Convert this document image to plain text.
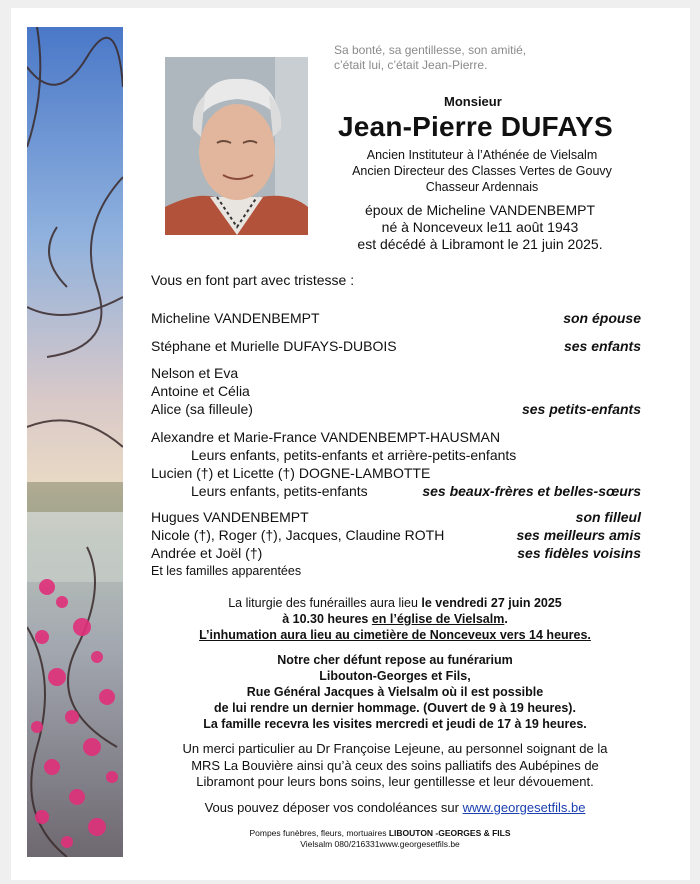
Sa bonté, sa gentillesse, son amitié,
c’était lui, c’était Jean-Pierre.
Monsieur
Jean-Pierre DUFAYS
Ancien Instituteur à l’Athénée de Vielsalm
Ancien Directeur des Classes Vertes de Gouvy
Chasseur Ardennais
époux de Micheline VANDENBEMPT
né à Nonceveux le11 août 1943
est décédé à Libramont le 21 juin 2025.
Vous en font part avec tristesse :
Micheline VANDENBEMPT	son épouse
Stéphane et Murielle DUFAYS-DUBOIS	ses enfants
Nelson et Eva
Antoine et Célia
Alice (sa filleule)	ses petits-enfants
Alexandre et Marie-France VANDENBEMPT-HAUSMAN
Leurs enfants, petits-enfants et arrière-petits-enfants
Lucien (†) et Licette (†) DOGNE-LAMBOTTE
Leurs enfants, petits-enfants	ses beaux-frères et belles-sœurs
Hugues VANDENBEMPT	son filleul
Nicole (†), Roger (†), Jacques, Claudine ROTH	ses meilleurs amis
Andrée et Joël (†)	ses fidèles voisins
Et les familles apparentées
La liturgie des funérailles aura lieu le vendredi 27 juin 2025
à 10.30 heures en l’église de Vielsalm.
L’inhumation aura lieu au cimetière de Nonceveux vers 14 heures.
Notre cher défunt repose au funérarium
Libouton-Georges et Fils,
Rue Général Jacques à Vielsalm où il est possible
de lui rendre un dernier hommage. (Ouvert de 9 à 19 heures).
La famille recevra les visites mercredi et jeudi de 17 à 19 heures.
Un merci particulier au Dr Françoise Lejeune, au personnel soignant de la
MRS La Bouvière ainsi qu’à ceux des soins palliatifs des Aubépines de
Libramont pour leurs bons soins, leur gentillesse et leur dévouement.
Vous pouvez déposer vos condoléances sur www.georgesetfils.be
Pompes funèbres, fleurs, mortuaires LIBOUTON -GEORGES & FILS
Vielsalm 080/216331www.georgesetfils.be
